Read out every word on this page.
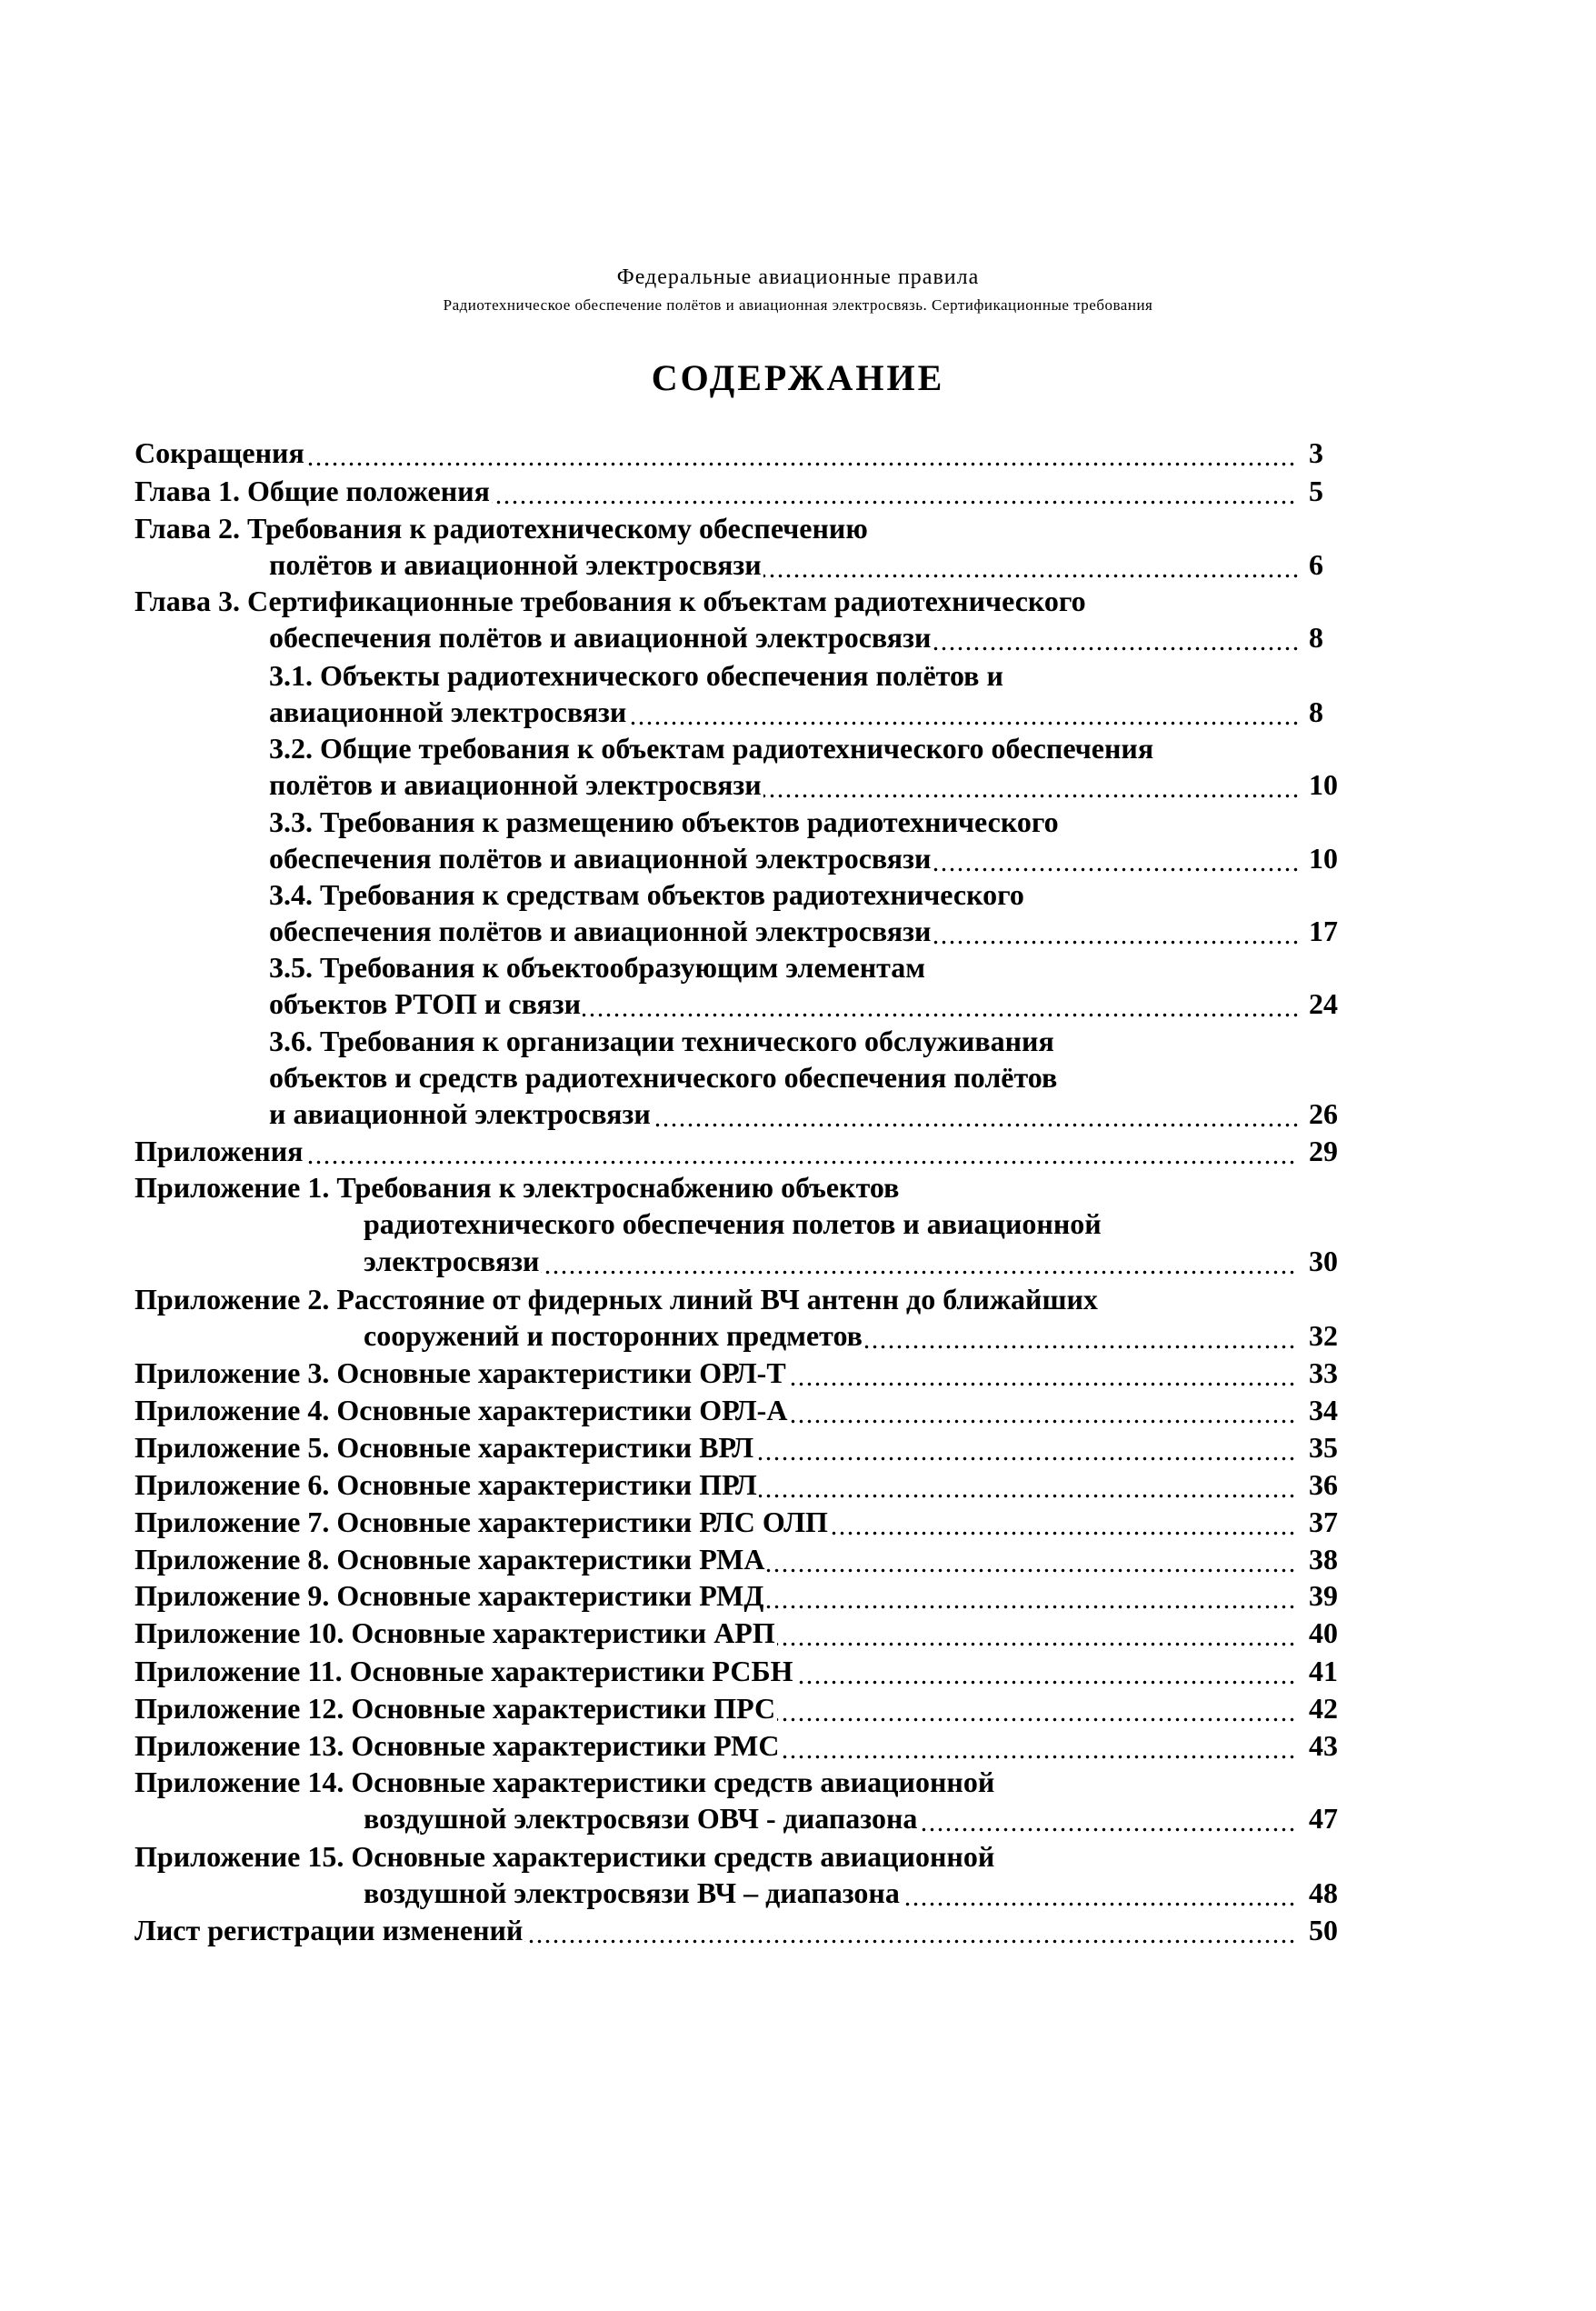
Федеральные авиационные правила
Радиотехническое обеспечение полётов и авиационная электросвязь. Сертификационные требования
СОДЕРЖАНИЕ
Сокращения	3
Глава 1. Общие положения	5
Глава 2. Требования к радиотехническому обеспечению
полётов и авиационной электросвязи	6
Глава 3. Сертификационные требования к объектам радиотехнического
обеспечения полётов и авиационной электросвязи	8
3.1. Объекты радиотехнического обеспечения полётов и
авиационной электросвязи	8
3.2. Общие требования к объектам радиотехнического обеспечения
полётов и авиационной электросвязи	10
3.3. Требования к размещению объектов радиотехнического
обеспечения полётов и авиационной электросвязи	10
3.4. Требования к средствам объектов радиотехнического
обеспечения полётов и авиационной электросвязи	17
3.5. Требования к объектообразующим элементам
объектов РТОП и связи	24
3.6. Требования к организации технического обслуживания
объектов и средств радиотехнического обеспечения полётов
и авиационной электросвязи	26
Приложения	29
Приложение 1. Требования к электроснабжению объектов
радиотехнического обеспечения полетов и авиационной
электросвязи	30
Приложение 2. Расстояние от фидерных линий ВЧ антенн до ближайших
сооружений и посторонних предметов	32
Приложение 3. Основные характеристики ОРЛ-Т	33
Приложение 4. Основные характеристики ОРЛ-А	34
Приложение 5. Основные характеристики ВРЛ	35
Приложение 6. Основные характеристики ПРЛ	36
Приложение 7. Основные характеристики РЛС ОЛП	37
Приложение 8. Основные характеристики РМА	38
Приложение 9. Основные характеристики РМД	39
Приложение 10. Основные характеристики АРП	40
Приложение 11. Основные характеристики РСБН	41
Приложение 12. Основные характеристики ПРС	42
Приложение 13. Основные характеристики РМС	43
Приложение 14. Основные характеристики средств авиационной
воздушной электросвязи ОВЧ - диапазона	47
Приложение 15. Основные характеристики средств авиационной
воздушной электросвязи ВЧ – диапазона	48
Лист регистрации изменений	50
